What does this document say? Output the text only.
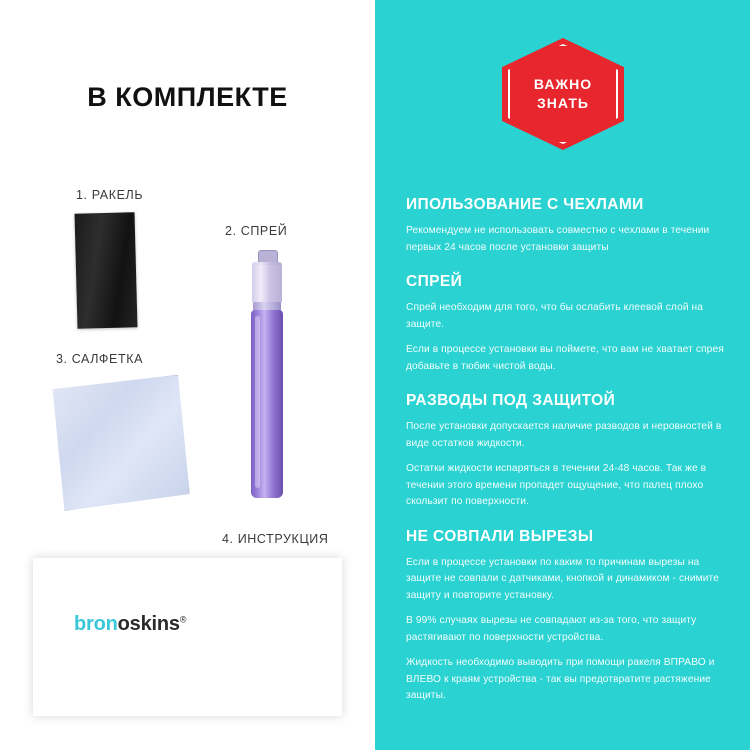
В КОМПЛЕКТЕ
1. РАКЕЛЬ
2. СПРЕЙ
3. САЛФЕТКА
4. ИНСТРУКЦИЯ
bronoskins®
ВАЖНО
ЗНАТЬ
ИПОЛЬЗОВАНИЕ С ЧЕХЛАМИ

Рекомендуем не использовать совместно с чехлами в течении первых 24 часов после установки защиты

СПРЕЙ

Спрей необходим для того, что бы ослабить клеевой слой на защите.

Если в процессе установки вы поймете, что вам не хватает спрея добавьте в тюбик чистой воды.

РАЗВОДЫ ПОД ЗАЩИТОЙ

После установки допускается наличие разводов и неровностей в виде остатков жидкости.

Остатки жидкости испаряться в течении 24-48 часов. Так же в течении этого времени пропадет ощущение, что палец плохо скользит по поверхности.

НЕ СОВПАЛИ ВЫРЕЗЫ

Если в процессе установки по каким то причинам вырезы на защите не совпали с датчиками, кнопкой и динамиком - снимите защиту и повторите установку.

В 99% случаях вырезы не совпадают из-за того, что защиту растягивают по поверхности устройства.

Жидкость необходимо выводить при помощи ракеля ВПРАВО и ВЛЕВО к краям устройства - так вы предотвратите растяжение защиты.
